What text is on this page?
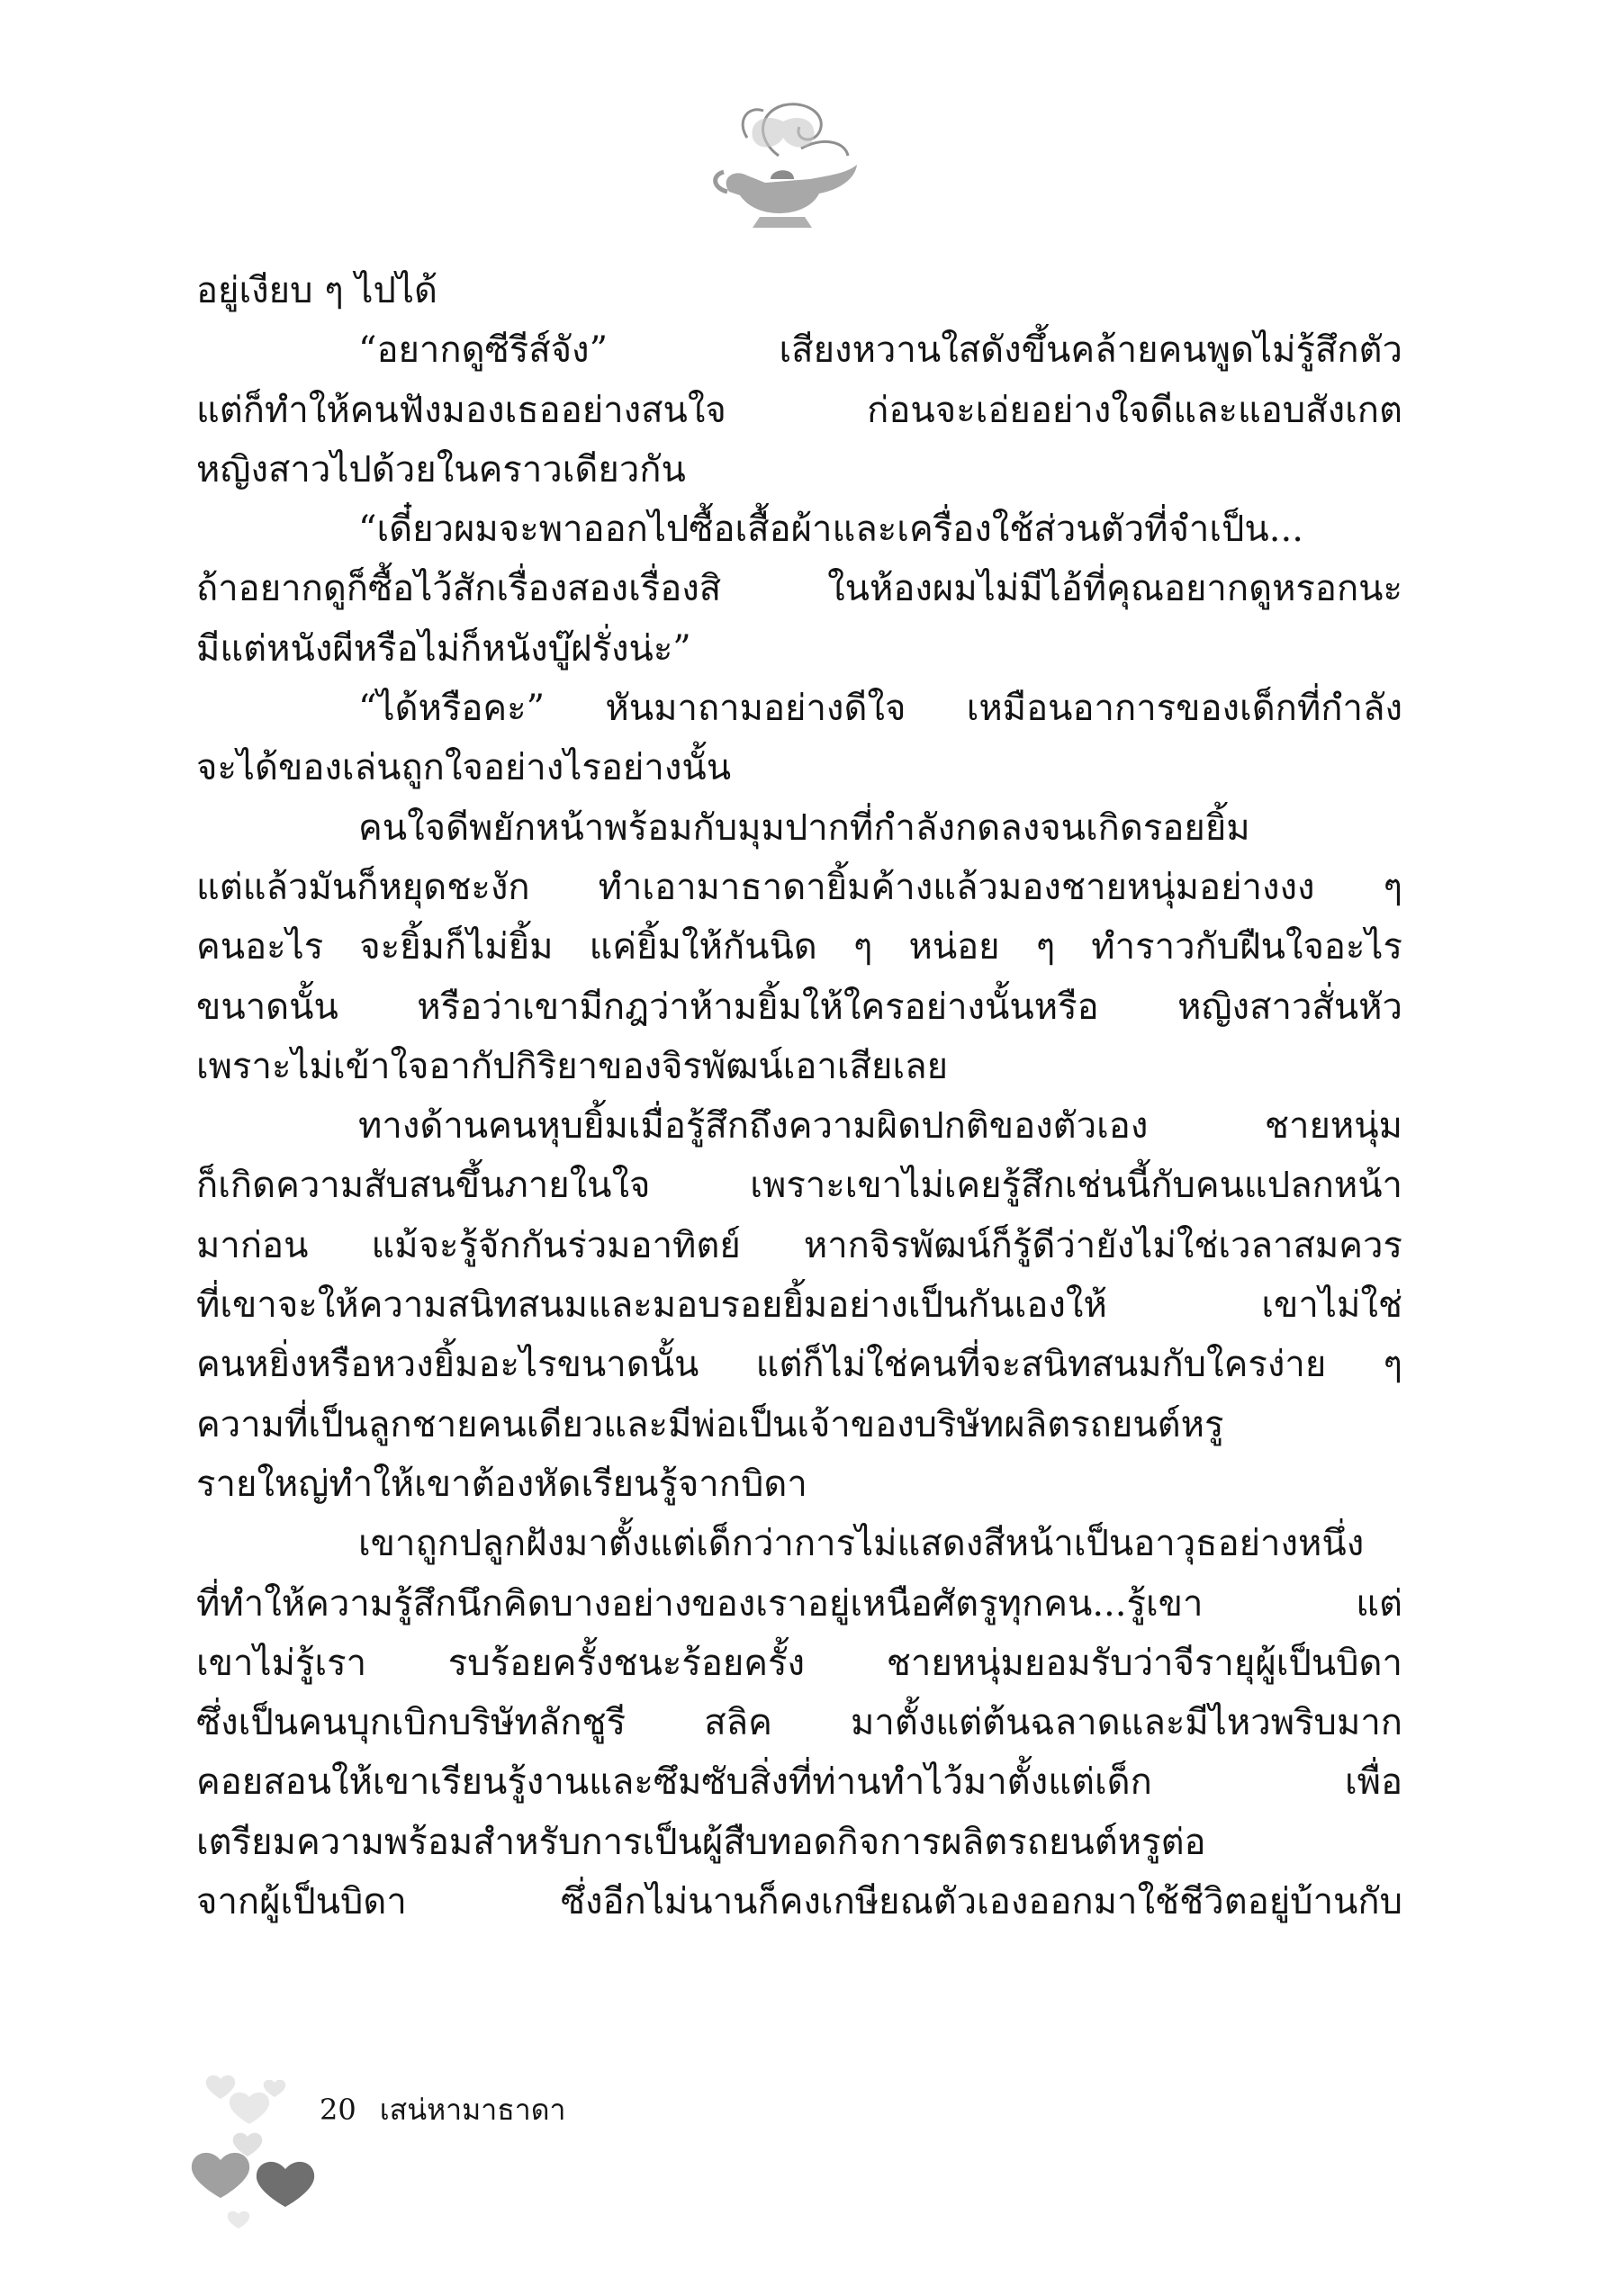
อยู่เงียบ ๆ ไปได้
“อยากดูซีรีส์จัง” เสียงหวานใสดังขึ้นคล้ายคนพูดไม่รู้สึกตัว
แต่ก็ทำให้คนฟังมองเธออย่างสนใจ ก่อนจะเอ่ยอย่างใจดีและแอบสังเกต
หญิงสาวไปด้วยในคราวเดียวกัน
“เดี๋ยวผมจะพาออกไปซื้อเสื้อผ้าและเครื่องใช้ส่วนตัวที่จำเป็น...
ถ้าอยากดูก็ซื้อไว้สักเรื่องสองเรื่องสิ ในห้องผมไม่มีไอ้ที่คุณอยากดูหรอกนะ
มีแต่หนังผีหรือไม่ก็หนังบู๊ฝรั่งน่ะ”
“ได้หรือคะ” หันมาถามอย่างดีใจ เหมือนอาการของเด็กที่กำลัง
จะได้ของเล่นถูกใจอย่างไรอย่างนั้น
คนใจดีพยักหน้าพร้อมกับมุมปากที่กำลังกดลงจนเกิดรอยยิ้ม
แต่แล้วมันก็หยุดชะงัก ทำเอามาธาดายิ้มค้างแล้วมองชายหนุ่มอย่างงง ๆ
คนอะไร จะยิ้มก็ไม่ยิ้ม แค่ยิ้มให้กันนิด ๆ หน่อย ๆ ทำราวกับฝืนใจอะไร
ขนาดนั้น หรือว่าเขามีกฎว่าห้ามยิ้มให้ใครอย่างนั้นหรือ หญิงสาวสั่นหัว
เพราะไม่เข้าใจอากัปกิริยาของจิรพัฒน์เอาเสียเลย
ทางด้านคนหุบยิ้มเมื่อรู้สึกถึงความผิดปกติของตัวเอง ชายหนุ่ม
ก็เกิดความสับสนขึ้นภายในใจ เพราะเขาไม่เคยรู้สึกเช่นนี้กับคนแปลกหน้า
มาก่อน แม้จะรู้จักกันร่วมอาทิตย์ หากจิรพัฒน์ก็รู้ดีว่ายังไม่ใช่เวลาสมควร
ที่เขาจะให้ความสนิทสนมและมอบรอยยิ้มอย่างเป็นกันเองให้ เขาไม่ใช่
คนหยิ่งหรือหวงยิ้มอะไรขนาดนั้น แต่ก็ไม่ใช่คนที่จะสนิทสนมกับใครง่าย ๆ
ความที่เป็นลูกชายคนเดียวและมีพ่อเป็นเจ้าของบริษัทผลิตรถยนต์หรู
รายใหญ่ทำให้เขาต้องหัดเรียนรู้จากบิดา
เขาถูกปลูกฝังมาตั้งแต่เด็กว่าการไม่แสดงสีหน้าเป็นอาวุธอย่างหนึ่ง
ที่ทำให้ความรู้สึกนึกคิดบางอย่างของเราอยู่เหนือศัตรูทุกคน...รู้เขา แต่
เขาไม่รู้เรา รบร้อยครั้งชนะร้อยครั้ง ชายหนุ่มยอมรับว่าจีรายุผู้เป็นบิดา
ซึ่งเป็นคนบุกเบิกบริษัทลักชูรี สลิค มาตั้งแต่ต้นฉลาดและมีไหวพริบมาก
คอยสอนให้เขาเรียนรู้งานและซึมซับสิ่งที่ท่านทำไว้มาตั้งแต่เด็ก เพื่อ
เตรียมความพร้อมสำหรับการเป็นผู้สืบทอดกิจการผลิตรถยนต์หรูต่อ
จากผู้เป็นบิดา ซึ่งอีกไม่นานก็คงเกษียณตัวเองออกมาใช้ชีวิตอยู่บ้านกับ
20 เสน่หามาธาดา
